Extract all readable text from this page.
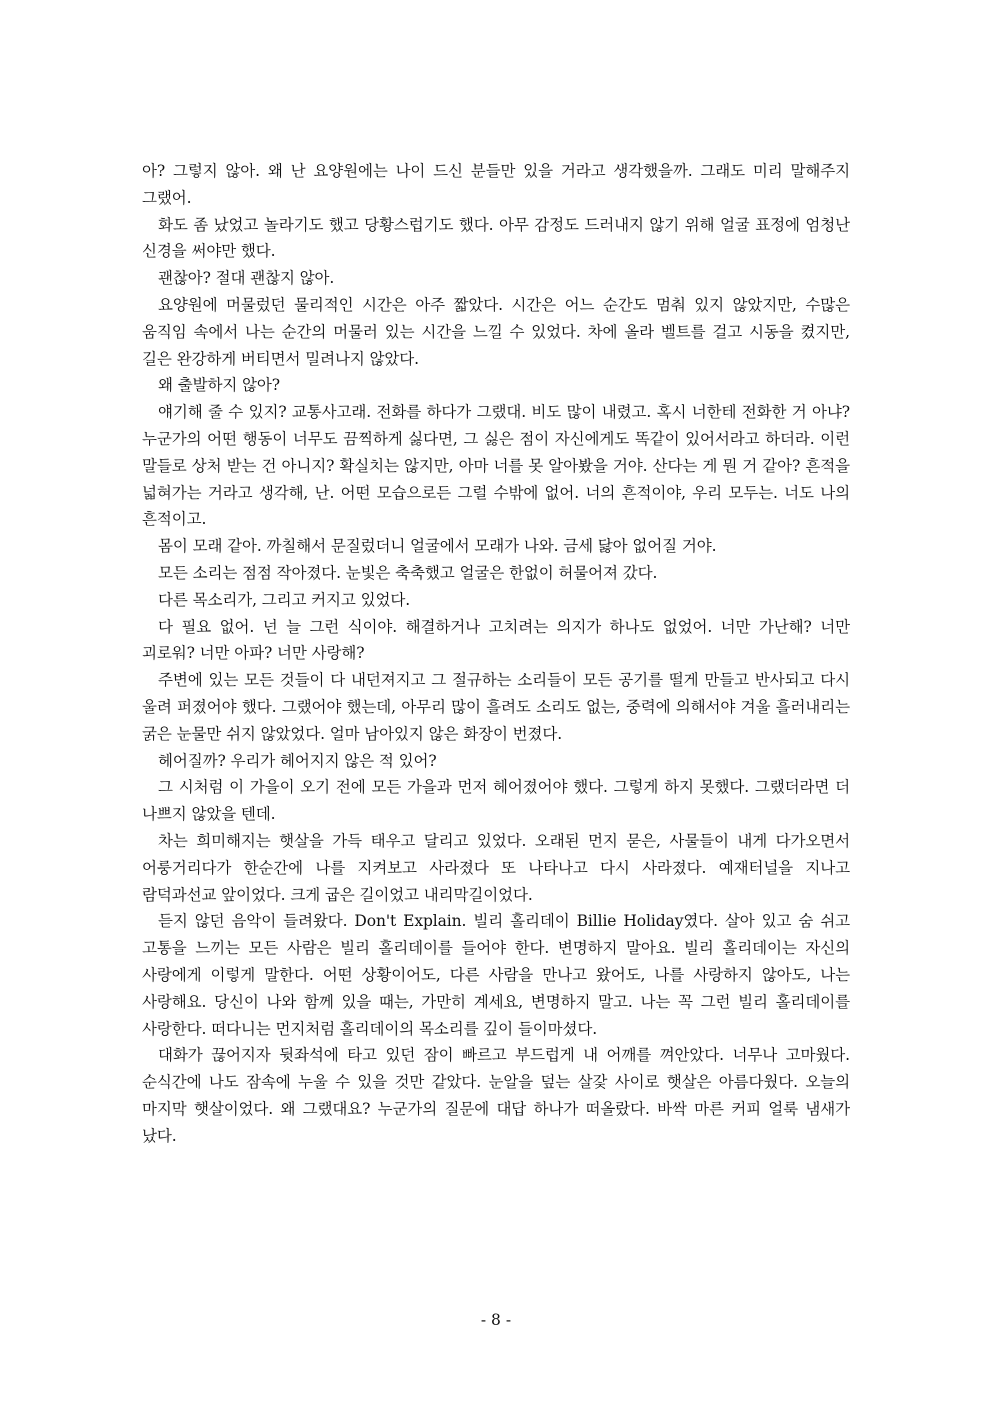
아? 그렇지 않아. 왜 난 요양원에는 나이 드신 분들만 있을 거라고 생각했을까. 그래도 미리 말해주지 그랬어.

화도 좀 났었고 놀라기도 했고 당황스럽기도 했다. 아무 감정도 드러내지 않기 위해 얼굴 표정에 엄청난 신경을 써야만 했다.

괜찮아? 절대 괜찮지 않아.

요양원에 머물렀던 물리적인 시간은 아주 짧았다. 시간은 어느 순간도 멈춰 있지 않았지만, 수많은 움직임 속에서 나는 순간의 머물러 있는 시간을 느낄 수 있었다. 차에 올라 벨트를 걸고 시동을 켰지만, 길은 완강하게 버티면서 밀려나지 않았다.

왜 출발하지 않아?

얘기해 줄 수 있지? 교통사고래. 전화를 하다가 그랬대. 비도 많이 내렸고. 혹시 너한테 전화한 거 아냐? 누군가의 어떤 행동이 너무도 끔찍하게 싫다면, 그 싫은 점이 자신에게도 똑같이 있어서라고 하더라. 이런 말들로 상처 받는 건 아니지? 확실치는 않지만, 아마 너를 못 알아봤을 거야. 산다는 게 뭔 거 같아? 흔적을 넓혀가는 거라고 생각해, 난. 어떤 모습으로든 그럴 수밖에 없어. 너의 흔적이야, 우리 모두는. 너도 나의 흔적이고.

몸이 모래 같아. 까칠해서 문질렀더니 얼굴에서 모래가 나와. 금세 닳아 없어질 거야.

모든 소리는 점점 작아졌다. 눈빛은 축축했고 얼굴은 한없이 허물어져 갔다.

다른 목소리가, 그리고 커지고 있었다.

다 필요 없어. 넌 늘 그런 식이야. 해결하거나 고치려는 의지가 하나도 없었어. 너만 가난해? 너만 괴로워? 너만 아파? 너만 사랑해?

주변에 있는 모든 것들이 다 내던져지고 그 절규하는 소리들이 모든 공기를 떨게 만들고 반사되고 다시 울려 퍼졌어야 했다. 그랬어야 했는데, 아무리 많이 흘려도 소리도 없는, 중력에 의해서야 겨울 흘러내리는 굵은 눈물만 쉬지 않았었다. 얼마 남아있지 않은 화장이 번졌다.

헤어질까? 우리가 헤어지지 않은 적 있어?

그 시처럼 이 가을이 오기 전에 모든 가을과 먼저 헤어졌어야 했다. 그렇게 하지 못했다. 그랬더라면 더 나쁘지 않았을 텐데.

차는 희미해지는 햇살을 가득 태우고 달리고 있었다. 오래된 먼지 묻은, 사물들이 내게 다가오면서 어룽거리다가 한순간에 나를 지켜보고 사라졌다 또 나타나고 다시 사라졌다. 예재터널을 지나고 람덕과선교 앞이었다. 크게 굽은 길이었고 내리막길이었다.

듣지 않던 음악이 들려왔다. Don't Explain. 빌리 홀리데이 Billie Holiday였다. 살아 있고 숨 쉬고 고통을 느끼는 모든 사람은 빌리 홀리데이를 들어야 한다. 변명하지 말아요. 빌리 홀리데이는 자신의 사랑에게 이렇게 말한다. 어떤 상황이어도, 다른 사람을 만나고 왔어도, 나를 사랑하지 않아도, 나는 사랑해요. 당신이 나와 함께 있을 때는, 가만히 계세요, 변명하지 말고. 나는 꼭 그런 빌리 홀리데이를 사랑한다. 떠다니는 먼지처럼 홀리데이의 목소리를 깊이 들이마셨다.

대화가 끊어지자 뒷좌석에 타고 있던 잠이 빠르고 부드럽게 내 어깨를 껴안았다. 너무나 고마웠다. 순식간에 나도 잠속에 누울 수 있을 것만 같았다. 눈알을 덮는 살갗 사이로 햇살은 아름다웠다. 오늘의 마지막 햇살이었다. 왜 그랬대요? 누군가의 질문에 대답 하나가 떠올랐다. 바싹 마른 커피 얼룩 냄새가 났다.

- 8 -
